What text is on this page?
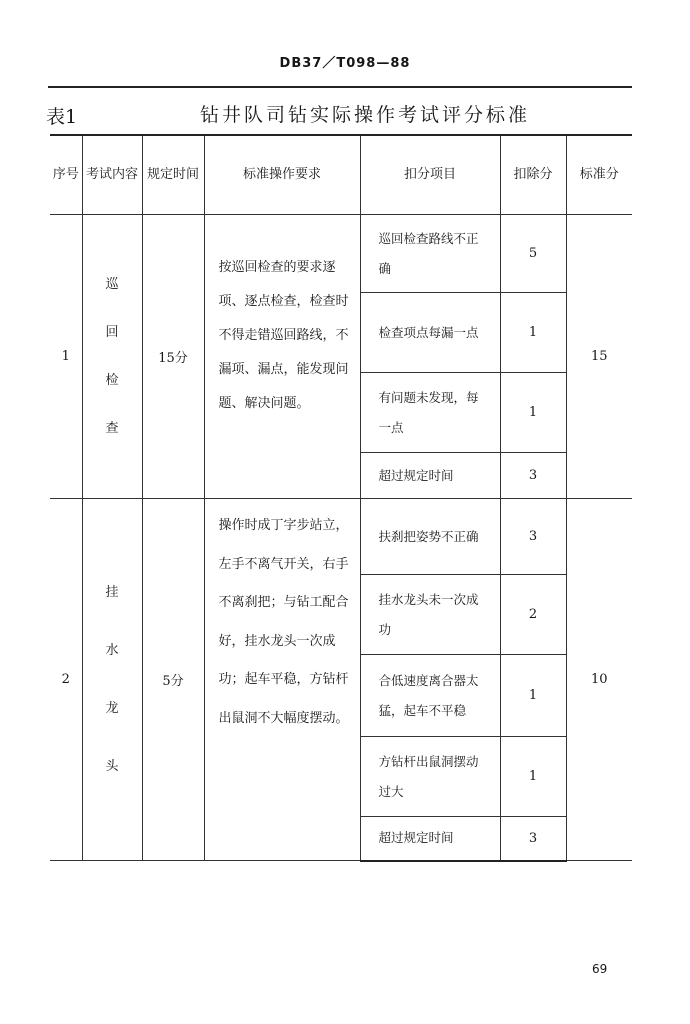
DB37／T098—88
表1	钻井队司钻实际操作考试评分标准
序号	考试内容	规定时间	标准操作要求	扣分项目	扣除分	标准分
1	巡回检查	15分	按巡回检查的要求逐项、逐点检查，检查时不得走错巡回路线，不漏项、漏点，能发现问题、解决问题。	巡回检查路线不正确	5	15
				检查项点每漏一点	1	
				有问题未发现，每一点	1	
				超过规定时间	3	
2	挂水龙头	5分	操作时成丁字步站立，左手不离气开关，右手不离刹把；与钻工配合好，挂水龙头一次成功；起车平稳，方钻杆出鼠洞不大幅度摆动。	扶刹把姿势不正确	3	10
				挂水龙头未一次成功	2	
				合低速度离合器太猛，起车不平稳	1	
				方钻杆出鼠洞摆动过大	1	
				超过规定时间	3	
69
